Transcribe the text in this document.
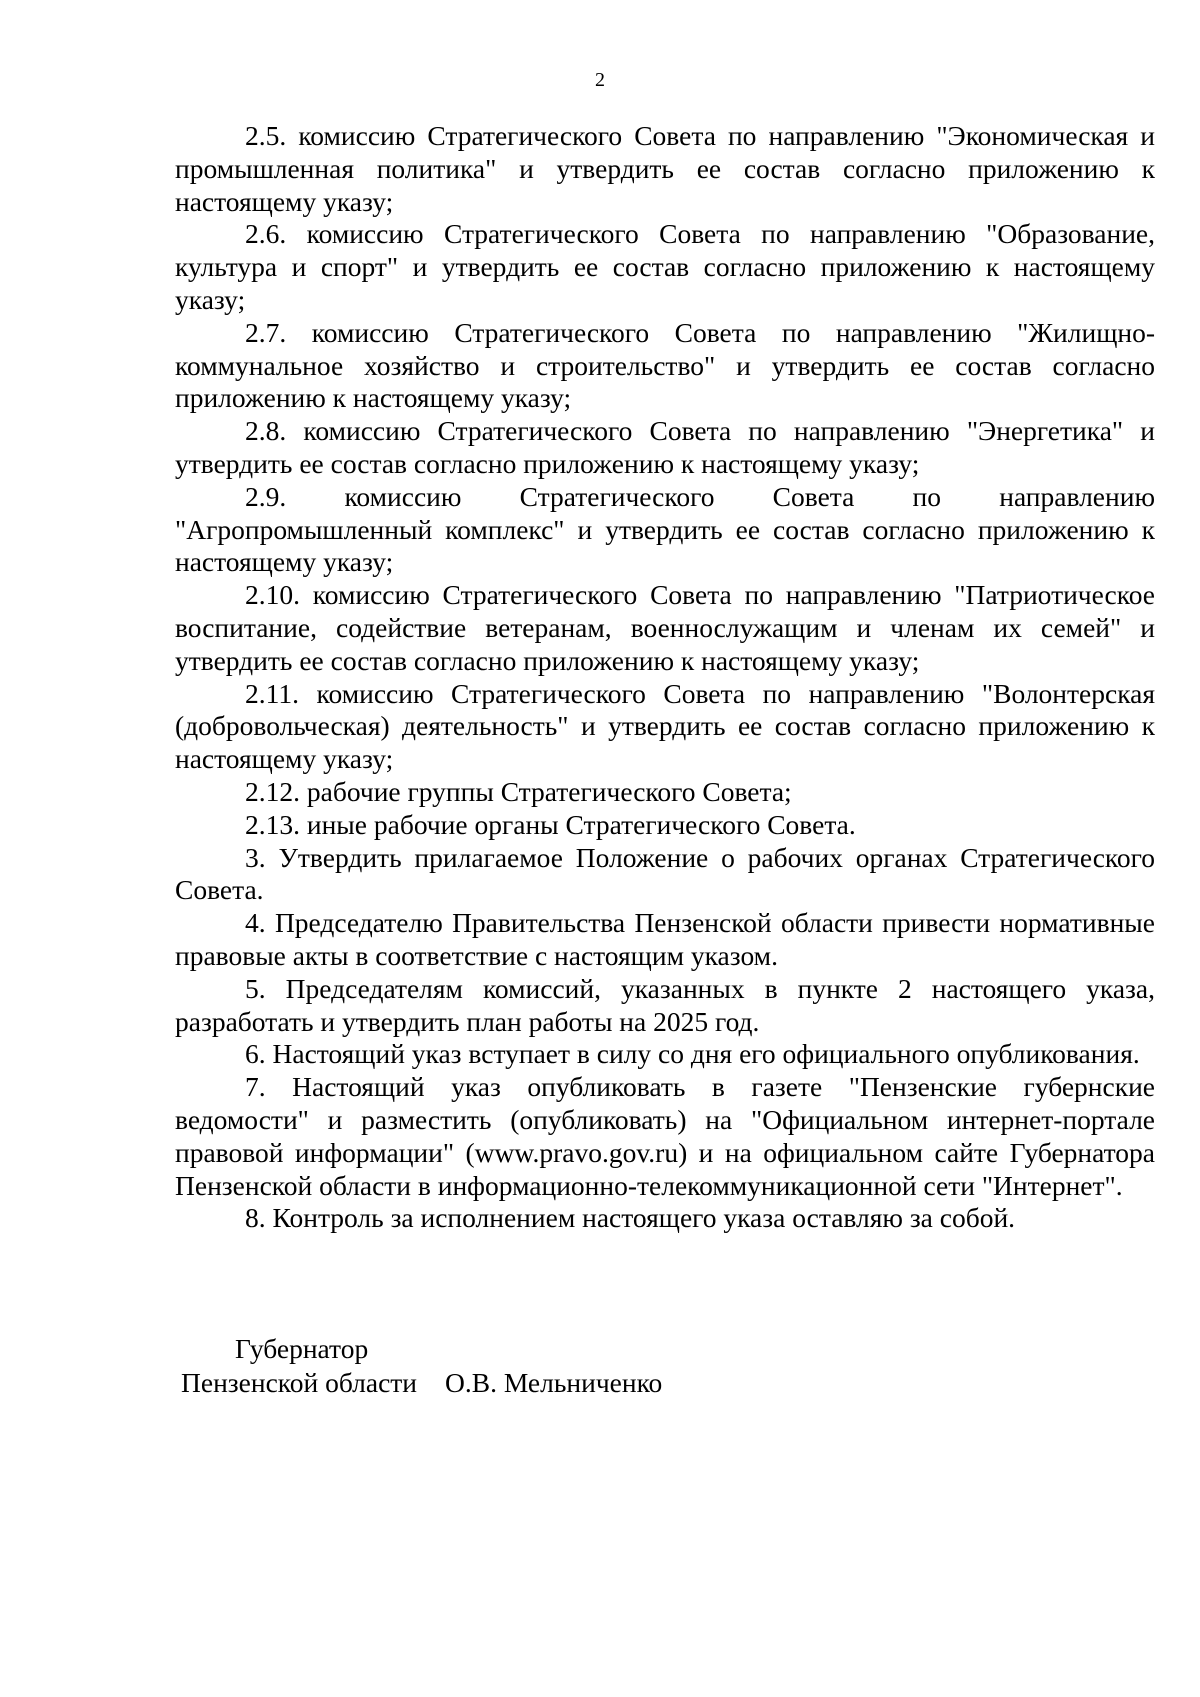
2

2.5. комиссию Стратегического Совета по направлению "Экономическая и промышленная политика" и утвердить ее состав согласно приложению к настоящему указу;

2.6. комиссию Стратегического Совета по направлению "Образование, культура и спорт" и утвердить ее состав согласно приложению к настоящему указу;

2.7. комиссию Стратегического Совета по направлению "Жилищно-коммунальное хозяйство и строительство" и утвердить ее состав согласно приложению к настоящему указу;

2.8. комиссию Стратегического Совета по направлению "Энергетика" и утвердить ее состав согласно приложению к настоящему указу;

2.9. комиссию Стратегического Совета по направлению "Агропромышленный комплекс" и утвердить ее состав согласно приложению к настоящему указу;

2.10. комиссию Стратегического Совета по направлению "Патриотическое воспитание, содействие ветеранам, военнослужащим и членам их семей" и утвердить ее состав согласно приложению к настоящему указу;

2.11. комиссию Стратегического Совета по направлению "Волонтерская (добровольческая) деятельность" и утвердить ее состав согласно приложению к настоящему указу;

2.12. рабочие группы Стратегического Совета;

2.13. иные рабочие органы Стратегического Совета.

3. Утвердить прилагаемое Положение о рабочих органах Стратегического Совета.

4. Председателю Правительства Пензенской области привести нормативные правовые акты в соответствие с настоящим указом.

5. Председателям комиссий, указанных в пункте 2 настоящего указа, разработать и утвердить план работы на 2025 год.

6. Настоящий указ вступает в силу со дня его официального опубликования.

7. Настоящий указ опубликовать в газете "Пензенские губернские ведомости" и разместить (опубликовать) на "Официальном интернет-портале правовой информации" (www.pravo.gov.ru) и на официальном сайте Губернатора Пензенской области в информационно-телекоммуникационной сети "Интернет".

8. Контроль за исполнением настоящего указа оставляю за собой.

Губернатор
Пензенской области О.В. Мельниченко
